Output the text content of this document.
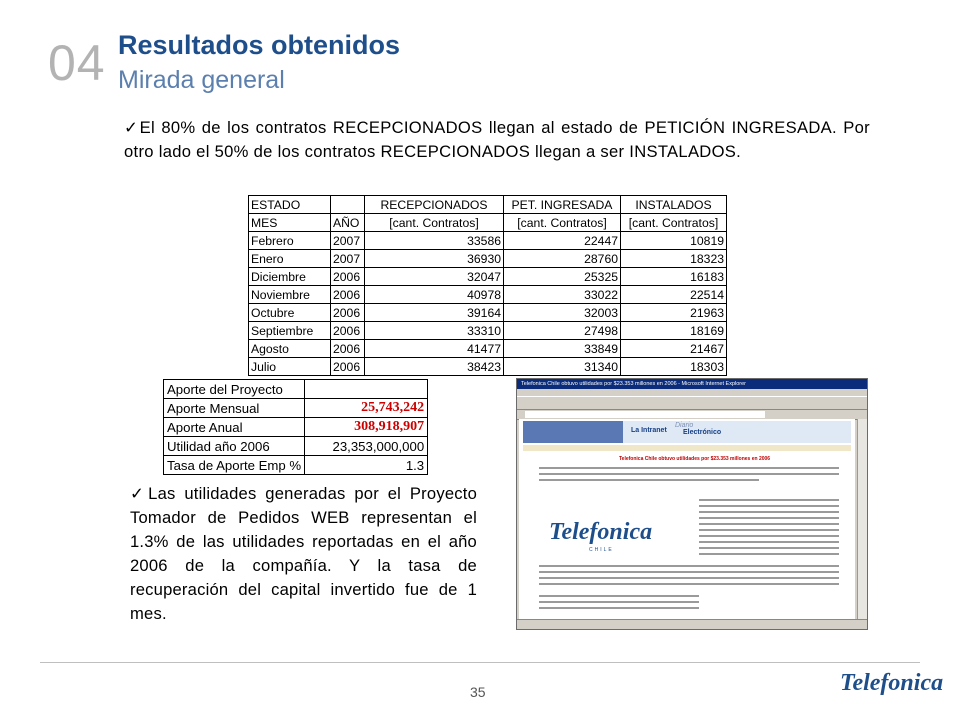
04 Resultados obtenidos
Mirada general
✓El 80% de los contratos RECEPCIONADOS llegan al estado de PETICIÓN INGRESADA. Por otro lado el 50% de los contratos RECEPCIONADOS llegan a ser INSTALADOS.
ESTADO		RECEPCIONADOS	PET. INGRESADA	INSTALADOS
MES	AÑO	[cant. Contratos]	[cant. Contratos]	[cant. Contratos]
Febrero	2007	33586	22447	10819
Enero	2007	36930	28760	18323
Diciembre	2006	32047	25325	16183
Noviembre	2006	40978	33022	22514
Octubre	2006	39164	32003	21963
Septiembre	2006	33310	27498	18169
Agosto	2006	41477	33849	21467
Julio	2006	38423	31340	18303
Aporte del Proyecto	
Aporte Mensual	25,743,242
Aporte Anual	308,918,907
Utilidad año 2006	23,353,000,000
Tasa de Aporte Emp %	1.3
✓Las utilidades generadas por el Proyecto Tomador de Pedidos WEB representan el 1.3% de las utilidades reportadas en el año 2006 de la compañía. Y la tasa de recuperación del capital invertido fue de 1 mes.
Telefonica Chile obtuvo utilidades por $23.353 millones en 2006 - Microsoft Internet Explorer
La Intranet
Diario
Electrónico
Telefonica Chile obtuvo utilidades por $23.353 millones en 2006
Telefonica
CHILE
35	Telefonica
